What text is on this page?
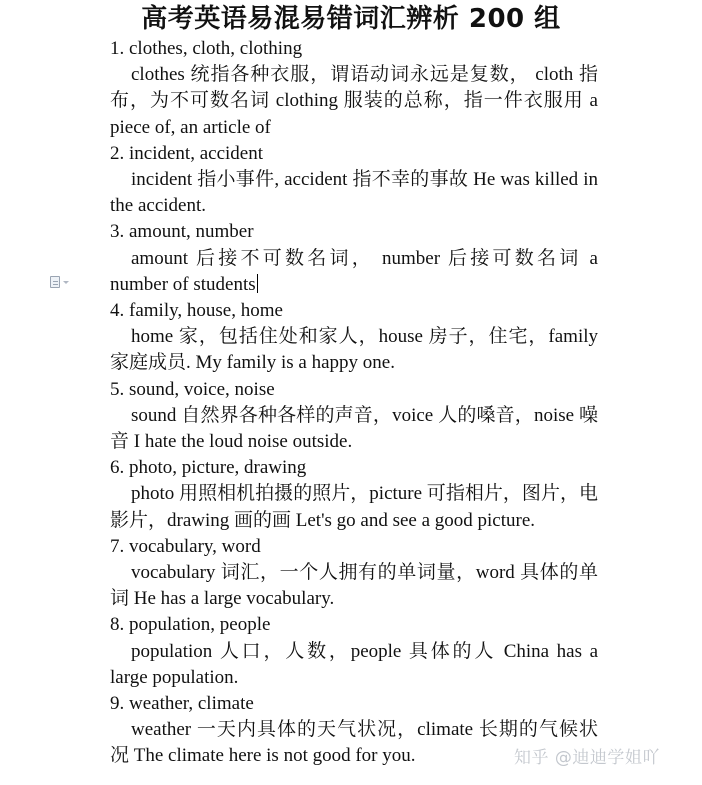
高考英语易混易错词汇辨析 200 组

1. clothes, cloth, clothing

clothes 统指各种衣服，谓语动词永远是复数， cloth 指布，为不可数名词 clothing 服装的总称，指一件衣服用 a piece of, an article of

2. incident, accident

incident 指小事件, accident 指不幸的事故 He was killed in the accident.

3. amount, number

amount 后接不可数名词， number 后接可数名词 a number of students

4. family, house, home

home 家，包括住处和家人，house 房子，住宅，family 家庭成员. My family is a happy one.

5. sound, voice, noise

sound 自然界各种各样的声音，voice 人的嗓音，noise 噪音 I hate the loud noise outside.

6. photo, picture, drawing

photo 用照相机拍摄的照片，picture 可指相片，图片，电影片，drawing 画的画 Let's go and see a good picture.

7. vocabulary, word

vocabulary 词汇，一个人拥有的单词量，word 具体的单词 He has a large vocabulary.

8. population, people

population 人口，人数，people 具体的人 China has a large population.

9. weather, climate

weather 一天内具体的天气状况，climate 长期的气候状况 The climate here is not good for you.	知乎 @迪迪学姐吖
